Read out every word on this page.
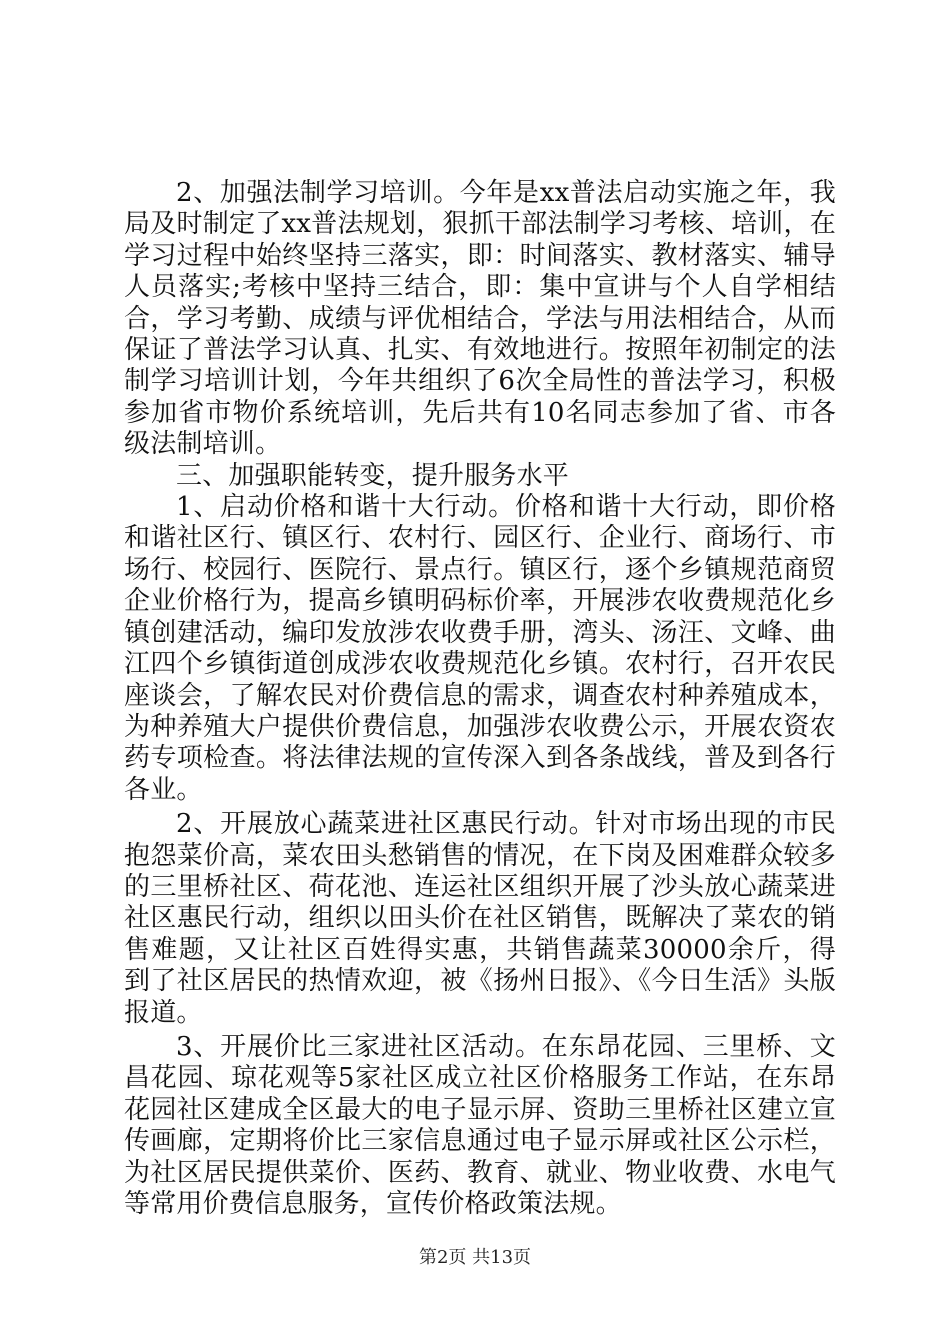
2、加强法制学习培训。今年是xx普法启动实施之年，我局及时制定了xx普法规划，狠抓干部法制学习考核、培训，在学习过程中始终坚持三落实，即：时间落实、教材落实、辅导人员落实;考核中坚持三结合，即：集中宣讲与个人自学相结合，学习考勤、成绩与评优相结合，学法与用法相结合，从而保证了普法学习认真、扎实、有效地进行。按照年初制定的法制学习培训计划，今年共组织了6次全局性的普法学习，积极参加省市物价系统培训，先后共有10名同志参加了省、市各级法制培训。

三、加强职能转变，提升服务水平

1、启动价格和谐十大行动。价格和谐十大行动，即价格和谐社区行、镇区行、农村行、园区行、企业行、商场行、市场行、校园行、医院行、景点行。镇区行，逐个乡镇规范商贸企业价格行为，提高乡镇明码标价率，开展涉农收费规范化乡镇创建活动，编印发放涉农收费手册，湾头、汤汪、文峰、曲江四个乡镇街道创成涉农收费规范化乡镇。农村行，召开农民座谈会，了解农民对价费信息的需求，调查农村种养殖成本，为种养殖大户提供价费信息，加强涉农收费公示，开展农资农药专项检查。将法律法规的宣传深入到各条战线，普及到各行各业。

2、开展放心蔬菜进社区惠民行动。针对市场出现的市民抱怨菜价高，菜农田头愁销售的情况，在下岗及困难群众较多的三里桥社区、荷花池、连运社区组织开展了沙头放心蔬菜进社区惠民行动，组织以田头价在社区销售，既解决了菜农的销售难题，又让社区百姓得实惠，共销售蔬菜30000余斤，得到了社区居民的热情欢迎，被《扬州日报》、《今日生活》头版报道。

3、开展价比三家进社区活动。在东昂花园、三里桥、文昌花园、琼花观等5家社区成立社区价格服务工作站，在东昂花园社区建成全区最大的电子显示屏、资助三里桥社区建立宣传画廊，定期将价比三家信息通过电子显示屏或社区公示栏，为社区居民提供菜价、医药、教育、就业、物业收费、水电气等常用价费信息服务，宣传价格政策法规。

第2页 共13页
